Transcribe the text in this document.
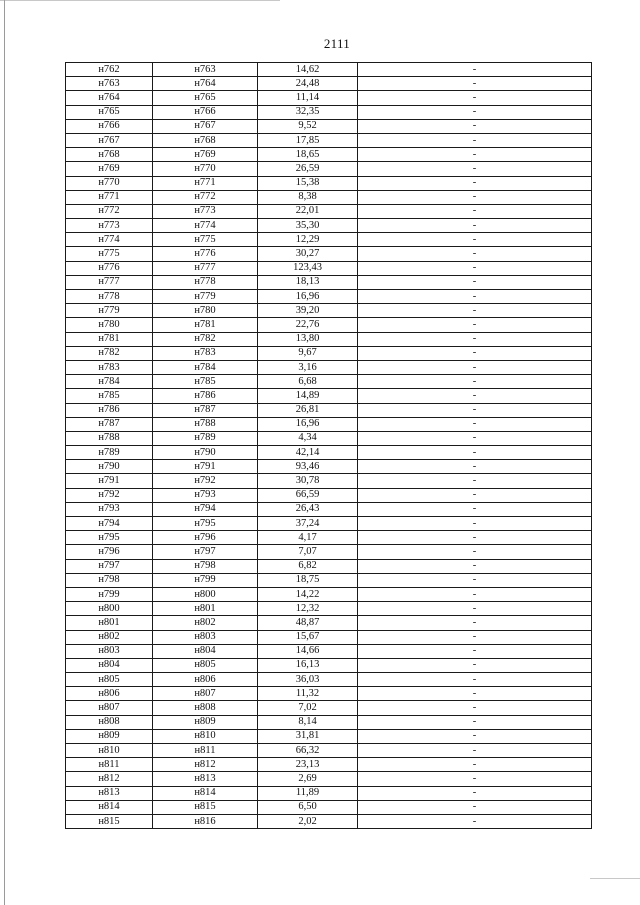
2111
н762	н763	14,62	-
н763	н764	24,48	-
н764	н765	11,14	-
н765	н766	32,35	-
н766	н767	9,52	-
н767	н768	17,85	-
н768	н769	18,65	-
н769	н770	26,59	-
н770	н771	15,38	-
н771	н772	8,38	-
н772	н773	22,01	-
н773	н774	35,30	-
н774	н775	12,29	-
н775	н776	30,27	-
н776	н777	123,43	-
н777	н778	18,13	-
н778	н779	16,96	-
н779	н780	39,20	-
н780	н781	22,76	-
н781	н782	13,80	-
н782	н783	9,67	-
н783	н784	3,16	-
н784	н785	6,68	-
н785	н786	14,89	-
н786	н787	26,81	-
н787	н788	16,96	-
н788	н789	4,34	-
н789	н790	42,14	-
н790	н791	93,46	-
н791	н792	30,78	-
н792	н793	66,59	-
н793	н794	26,43	-
н794	н795	37,24	-
н795	н796	4,17	-
н796	н797	7,07	-
н797	н798	6,82	-
н798	н799	18,75	-
н799	н800	14,22	-
н800	н801	12,32	-
н801	н802	48,87	-
н802	н803	15,67	-
н803	н804	14,66	-
н804	н805	16,13	-
н805	н806	36,03	-
н806	н807	11,32	-
н807	н808	7,02	-
н808	н809	8,14	-
н809	н810	31,81	-
н810	н811	66,32	-
н811	н812	23,13	-
н812	н813	2,69	-
н813	н814	11,89	-
н814	н815	6,50	-
н815	н816	2,02	-
